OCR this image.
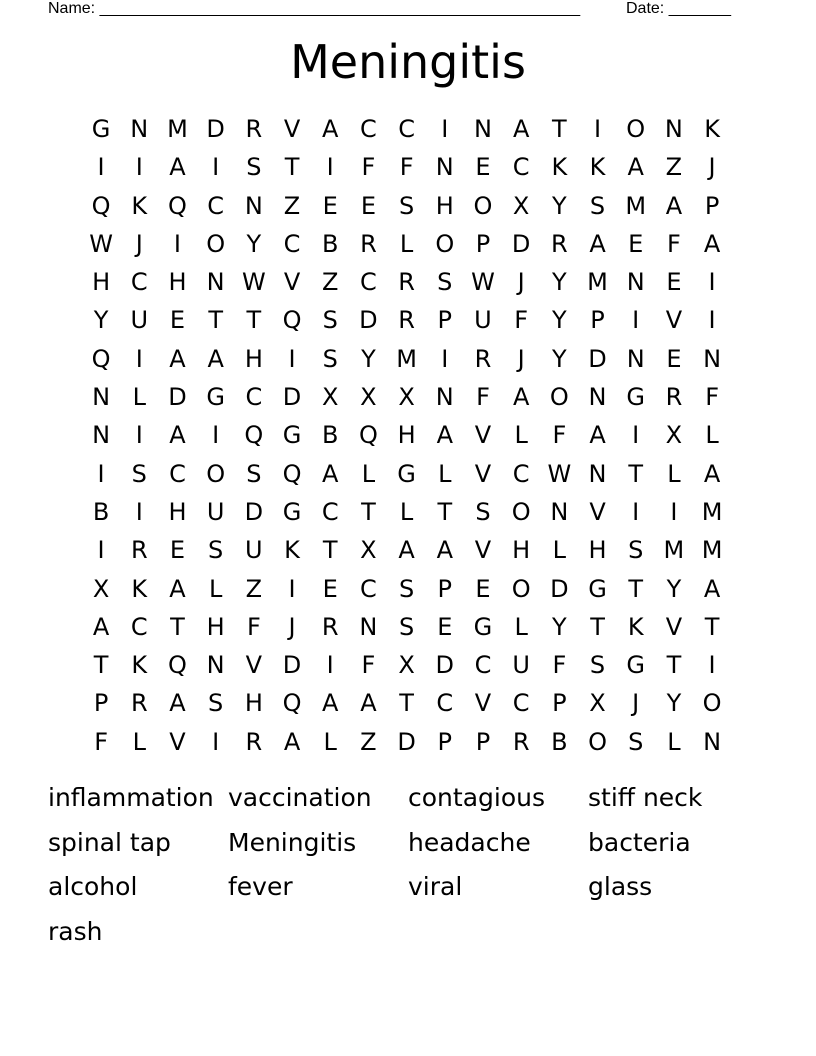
Name: ______________________________________________________

	Date: _______

Meningitis
G N M D R V A C C	I	N A T	I	O N K
I	I	A	I	S T	I	F	F N E C K K A Z	J
Q K Q C N Z E E S H O X Y S M A P
W J	I	O Y C B R L O P D R A E F A
H C H N W V Z C R S W J	Y M N E	I
Y U E T T Q S D R P U F Y P	I	V	I
Q	I	A A H	I	S Y M	I	R	J	Y D N E N
N L D G C D X X X N F A O N G R F
N	I	A	I	Q G B Q H A V L	F A	I	X L
I	S C O S Q A L G L V C W N T	L A
B	I	H U D G C T	L	T S O N V	I	I	M
I	R E S U K T X A A V H L H S M M
X K A L Z	I	E C S P E O D G T Y A
A C T H F	J	R N S E G L	Y T K V T
T K Q N V D	I	F X D C U F S G T	I
P R A S H Q A A T C V C P X	J	Y O
F	L V	I	R A L Z D P P R B O S L N
inflammation vaccination	contagious	stiff neck
spinal tap	Meningitis	headache	bacteria
alcohol	fever	viral	glass
rash
